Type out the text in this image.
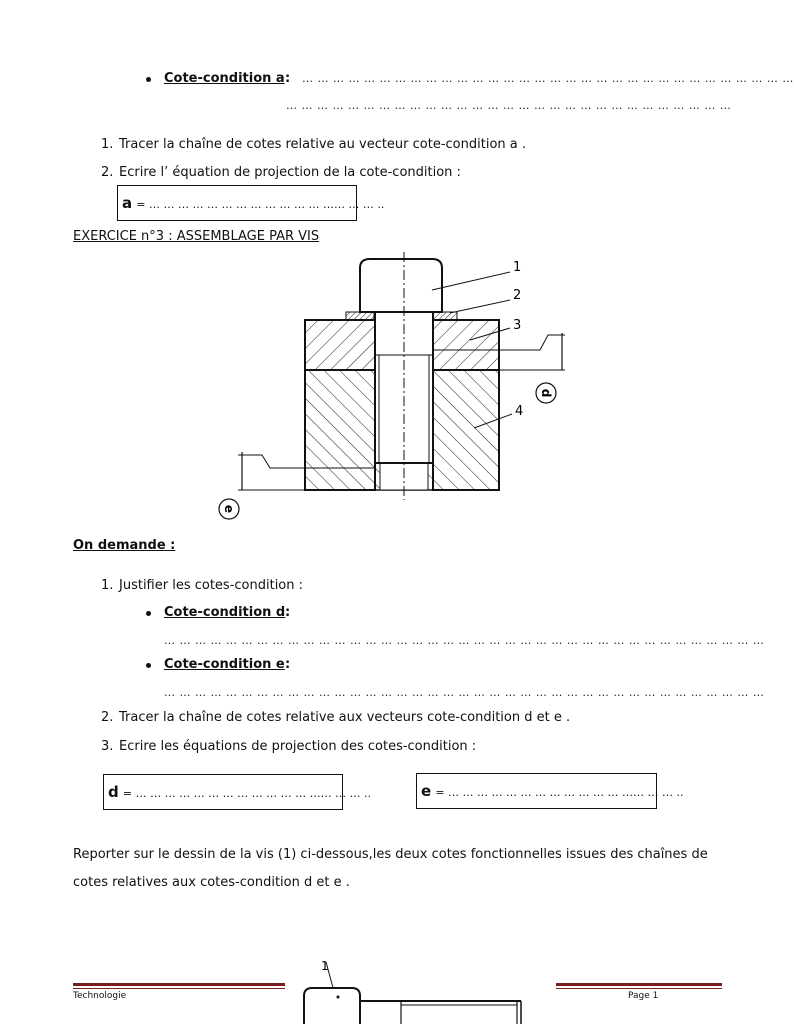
Cote-condition a : … … … … … … … … … … … … … … … … … … … … … … … … … … … … … … … …
… … … … … … … … … … … … … … … … … … … … … … … … … … … … …
1. Tracer la chaîne de cotes relative au vecteur cote-condition a .
2. Ecrire l’ équation de projection de la cote-condition :
a = … … … … … … … … … … … … …… … … ..
EXERCICE n°3 : ASSEMBLAGE PAR VIS
1
2
3
4
d
e
On demande :
1. Justifier les cotes-condition :
Cote-condition d :
… … … … … … … … … … … … … … … … … … … … … … … … … … … … … … … … … … … … … … …
Cote-condition e :
… … … … … … … … … … … … … … … … … … … … … … … … … … … … … … … … … … … … … … …
2. Tracer la chaîne de cotes relative aux vecteurs cote-condition d et e .
3. Ecrire les équations de projection des cotes-condition :
d = … … … … … … … … … … … … …… … … ..	e = … … … … … … … … … … … … …… … … ..
Reporter sur le dessin de la vis (1) ci-dessous,les deux cotes fonctionnelles issues des chaînes de
cotes relatives aux cotes-condition d et e .
Technologie	Page 1
1
